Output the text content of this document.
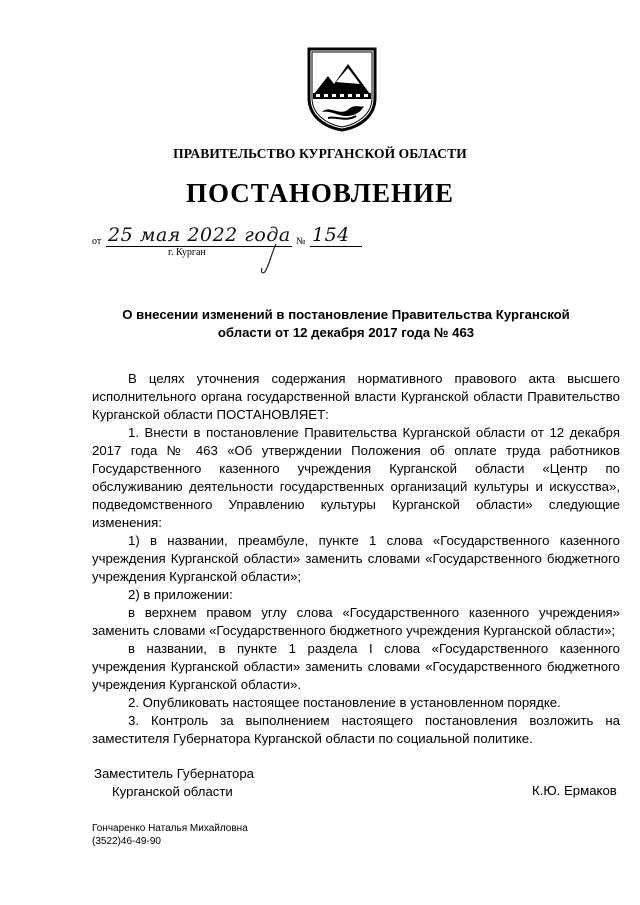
ПРАВИТЕЛЬСТВО КУРГАНСКОЙ ОБЛАСТИ
ПОСТАНОВЛЕНИЕ
от 25 мая 2022 года № 154
г. Курган
О внесении изменений в постановление Правительства Курганской
области от 12 декабря 2017 года № 463

В целях уточнения содержания нормативного правового акта высшего исполнительного органа государственной власти Курганской области Правительство Курганской области ПОСТАНОВЛЯЕТ:

1. Внести в постановление Правительства Курганской области от 12 декабря 2017 года № 463 «Об утверждении Положения об оплате труда работников Государственного казенного учреждения Курганской области «Центр по обслуживанию деятельности государственных организаций культуры и искусства», подведомственного Управлению культуры Курганской области» следующие изменения:

1) в названии, преамбуле, пункте 1 слова «Государственного казенного учреждения Курганской области» заменить словами «Государственного бюджетного учреждения Курганской области»;

2) в приложении:

в верхнем правом углу слова «Государственного казенного учреждения» заменить словами «Государственного бюджетного учреждения Курганской области»;

в названии, в пункте 1 раздела I слова «Государственного казенного учреждения Курганской области» заменить словами «Государственного бюджетного учреждения Курганской области».

2. Опубликовать настоящее постановление в установленном порядке.

3. Контроль за выполнением настоящего постановления возложить на заместителя Губернатора Курганской области по социальной политике.

Заместитель Губернатора
Курганской области	К.Ю. Ермаков
Гончаренко Наталья Михайловна
(3522)46-49-90
